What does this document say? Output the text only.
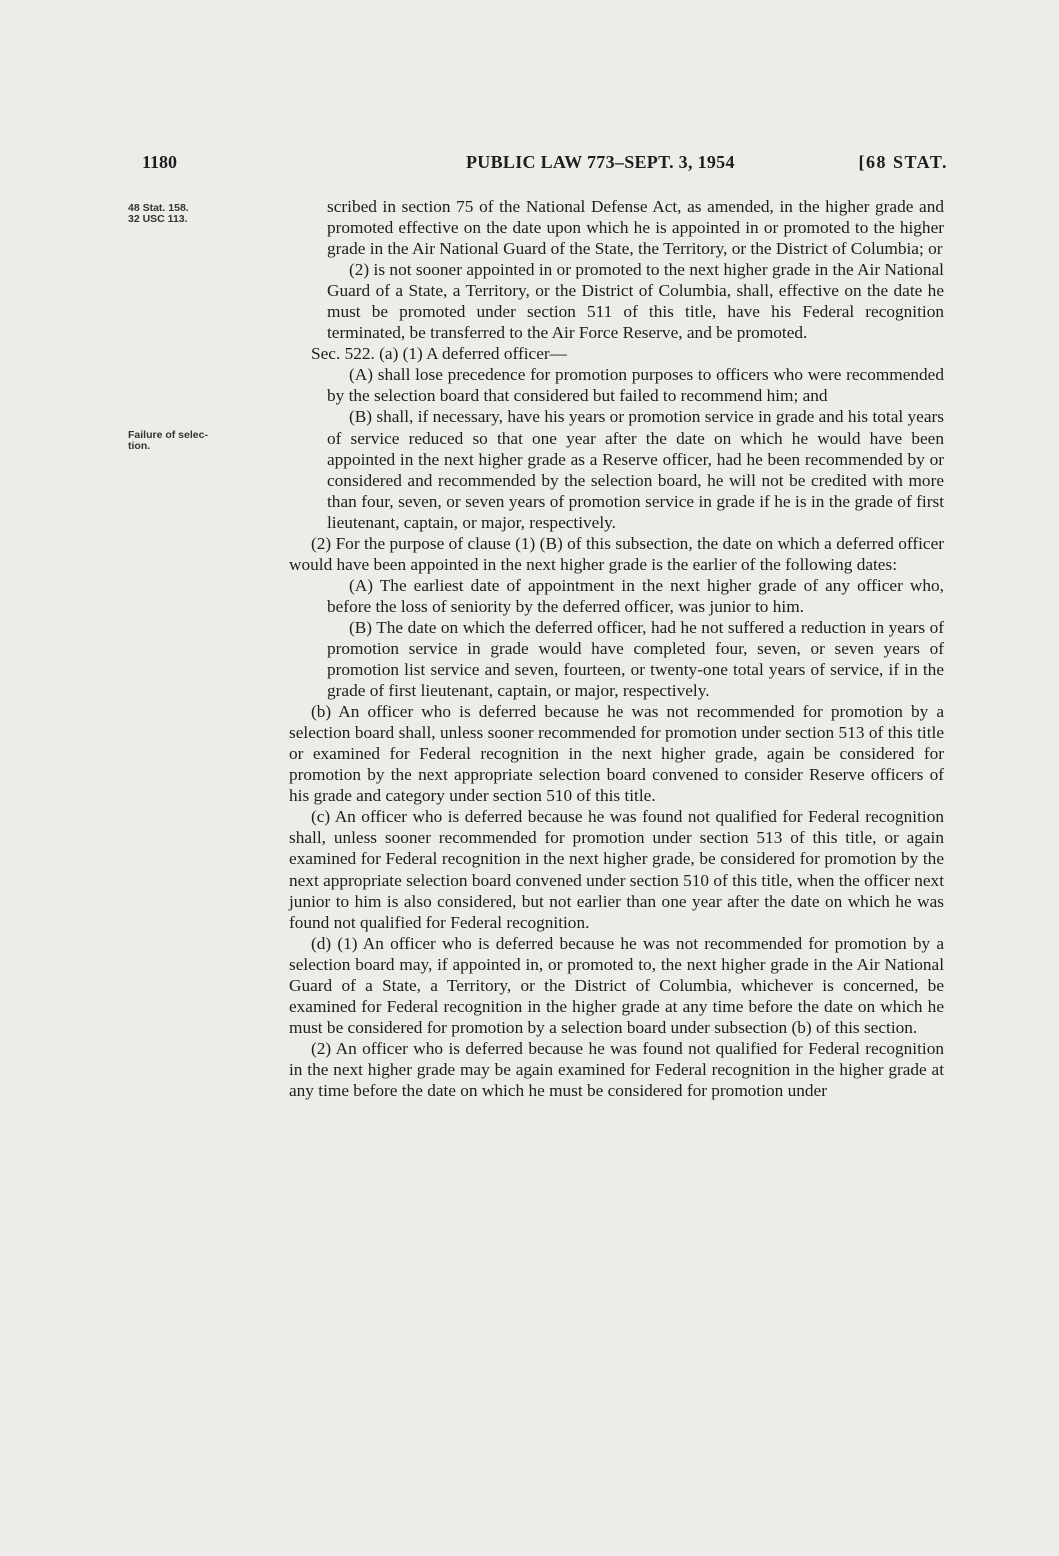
1180	PUBLIC LAW 773–SEPT. 3, 1954	[68 STAT.
48 Stat. 158.
32 USC 113.
Failure of selec-
tion.

scribed in section 75 of the National Defense Act, as amended, in the higher grade and promoted effective on the date upon which he is appointed in or promoted to the higher grade in the Air National Guard of the State, the Territory, or the District of Columbia; or

(2) is not sooner appointed in or promoted to the next higher grade in the Air National Guard of a State, a Territory, or the District of Columbia, shall, effective on the date he must be promoted under section 511 of this title, have his Federal recognition terminated, be transferred to the Air Force Reserve, and be promoted.

Sec. 522. (a) (1) A deferred officer—

(A) shall lose precedence for promotion purposes to officers who were recommended by the selection board that considered but failed to recommend him; and

(B) shall, if necessary, have his years or promotion service in grade and his total years of service reduced so that one year after the date on which he would have been appointed in the next higher grade as a Reserve officer, had he been recommended by or considered and recommended by the selection board, he will not be credited with more than four, seven, or seven years of promotion service in grade if he is in the grade of first lieutenant, captain, or major, respectively.

(2) For the purpose of clause (1) (B) of this subsection, the date on which a deferred officer would have been appointed in the next higher grade is the earlier of the following dates:

(A) The earliest date of appointment in the next higher grade of any officer who, before the loss of seniority by the deferred officer, was junior to him.

(B) The date on which the deferred officer, had he not suffered a reduction in years of promotion service in grade would have completed four, seven, or seven years of promotion list service and seven, fourteen, or twenty-one total years of service, if in the grade of first lieutenant, captain, or major, respectively.

(b) An officer who is deferred because he was not recommended for promotion by a selection board shall, unless sooner recommended for promotion under section 513 of this title or examined for Federal recognition in the next higher grade, again be considered for promotion by the next appropriate selection board convened to consider Reserve officers of his grade and category under section 510 of this title.

(c) An officer who is deferred because he was found not qualified for Federal recognition shall, unless sooner recommended for promotion under section 513 of this title, or again examined for Federal recognition in the next higher grade, be considered for promotion by the next appropriate selection board convened under section 510 of this title, when the officer next junior to him is also considered, but not earlier than one year after the date on which he was found not qualified for Federal recognition.

(d) (1) An officer who is deferred because he was not recommended for promotion by a selection board may, if appointed in, or promoted to, the next higher grade in the Air National Guard of a State, a Territory, or the District of Columbia, whichever is concerned, be examined for Federal recognition in the higher grade at any time before the date on which he must be considered for promotion by a selection board under subsection (b) of this section.

(2) An officer who is deferred because he was found not qualified for Federal recognition in the next higher grade may be again examined for Federal recognition in the higher grade at any time before the date on which he must be considered for promotion under
